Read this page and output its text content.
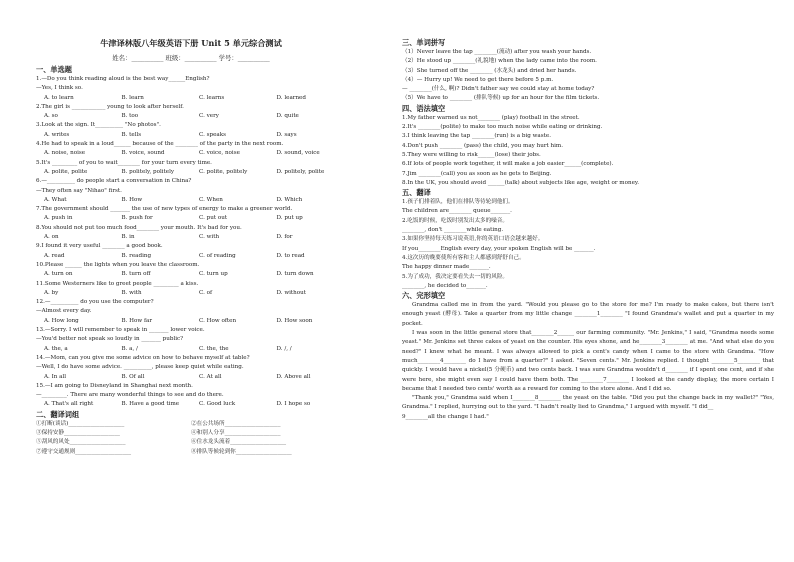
牛津译林版八年级英语下册 Unit 5 单元综合测试
姓名：__________ 班级：__________ 学号：__________
一、单选题
1.—Do you think reading aloud is the best way______English?
—Yes, I think so.
A. to learn	B. learn	C. learns	D. learned
2.The girl is ____________ young to look after herself.
A. so	B. too	C. very	D. quite
3.Look at the sign. It__________ "No photos".
A. writes	B. tells	C. speaks	D. says
4.He had to speak in a loud______ because of the ________ of the party in the next room.
A. noise, noise	B. voice, sound	C. voice, noise	D. sound, voice
5.It's _________ of you to wait________ for your turn every time.
A. polite, polite	B. politely, politely	C. polite, politely	D. politely, polite
6.—__________ do people start a conversation in China?
—They often say "Nihao" first.
A. What	B. How	C. When	D. Which
7.The government should _______ the use of new types of energy to make a greener world.
A. push in	B. push for	C. put out	D. put up
8.You should not put too much food________ your mouth. It's bad for you.
A. on	B. in	C. with	D. for
9.I found it very useful ________ a good book.
A. read	B. reading	C. of reading	D. to read
10.Please ______ the lights when you leave the classroom.
A. turn on	B. turn off	C. turn up	D. turn down
11.Some Westerners like to greet people _________ a kiss.
A. by	B. with	C. of	D. without
12.—__________ do you use the computer?
—Almost every day.
A. How long	B. How far	C. How often	D. How soon
13.—Sorry. I will remember to speak in _______ lower voice.
—You'd better not speak so loudly in _______ public?
A. the, a	B. a, /	C. the, the	D. /, /
14.—Mom, can you give me some advice on how to behave myself at table?
—Well, I do have some advice. __________, please keep quiet while eating.
A. In all	B. Of all	C. At all	D. Above all
15.—I am going to Disneyland in Shanghai next month.
—_________. There are many wonderful things to see and do there.
A. That's all right	B. Have a good time	C. Good luck	D. I hope so
二、翻译词组
①打断(谈话)____________________	②在公共场所____________________
③保持安静____________________	④和别人分享____________________
⑤刮风的风处____________________	⑥住水龙头流着____________________
⑦遵守交通规则____________________	⑧排队等候轮到你____________________
三、单词拼写
（1）Never leave the tap ________(流动) after you wash your hands.
（2）He stood up ________(礼貌地) when the lady came into the room.
（3）She turned off the ________ (水龙头) and dried her hands.
（4）— Hurry up! We need to get there before 5 p.m.
— ________(什么, 啊)? Didn't father say we could stay at home today?
（5）We have to ________ (排队等候) up for an hour for the film tickets.
四、语法填空
1.My father warned us not________ (play) football in the street.
2.It's ________(polite) to make too much noise while eating or drinking.
3.I think leaving the tap ________(run) is a big waste.
4.Don't push ________ (pass) the child, you may hurt him.
5.They were willing to risk______(lose) their jobs.
6.If lots of people work together, it will make a job easier______(complete).
7.Jim ________(call) you as soon as he gets to Beijing.
8.In the UK, you should avoid ______(talk) about subjects like age, weight or money.
五、翻译
1.孩子们排着队，他们在排队等待轮到他们。
The children are________ queue_______.
2.吃饭的时候，吃饭时别发出太多的噪音。
________, don't ________while eating.
3.如果你坚持每天练习说英语,你的英语口语会越来越好。
If you________English every day, your spoken English will be _______.
4.这次历的晚要使所有客和主人都感到舒舒自己。
The happy dinner made_______.
5.为了成功，我决定要看失去一切的风险。
________, he decided to_______.
六、完形填空
Grandma called me in from the yard. "Would you please go to the store for me? I'm ready to make cakes, but there isn't enough yeast (酵母). Take a quarter from my little change ________1________ "I found Grandma's wallet and put a quarter in my pocket.
I was soon in the little general store that________2______ our farming community. "Mr. Jenkins," I said, "Grandma needs some yeast." Mr. Jenkins set three cakes of yeast on the counter. His eyes shone, and he________3________ at me. "And what else do you need?" I knew what he meant. I was always allowed to pick a cent's candy when I came to the store with Grandma. "How much________4________ do I have from a quarter?" I asked. "Seven cents." Mr. Jenkins replied. I thought ________5________ that quickly. I would have a nickel(5 分硬币) and two cents back. I was sure Grandma wouldn't d________ if I spent one cent, and if she were here, she might even say I could have them both. The ________7________ I looked at the candy display, the more certain I became that I needed two cents' worth as a reward for coming to the store alone. And I did so.
"Thank you," Grandma said when I________8________ the yeast on the table. "Did you put the change back in my wallet?" "Yes, Grandma." I replied, hurrying out to the yard. "I hadn't really lied to Grandma," I argued with myself. "I did__
9________all the change I had."
